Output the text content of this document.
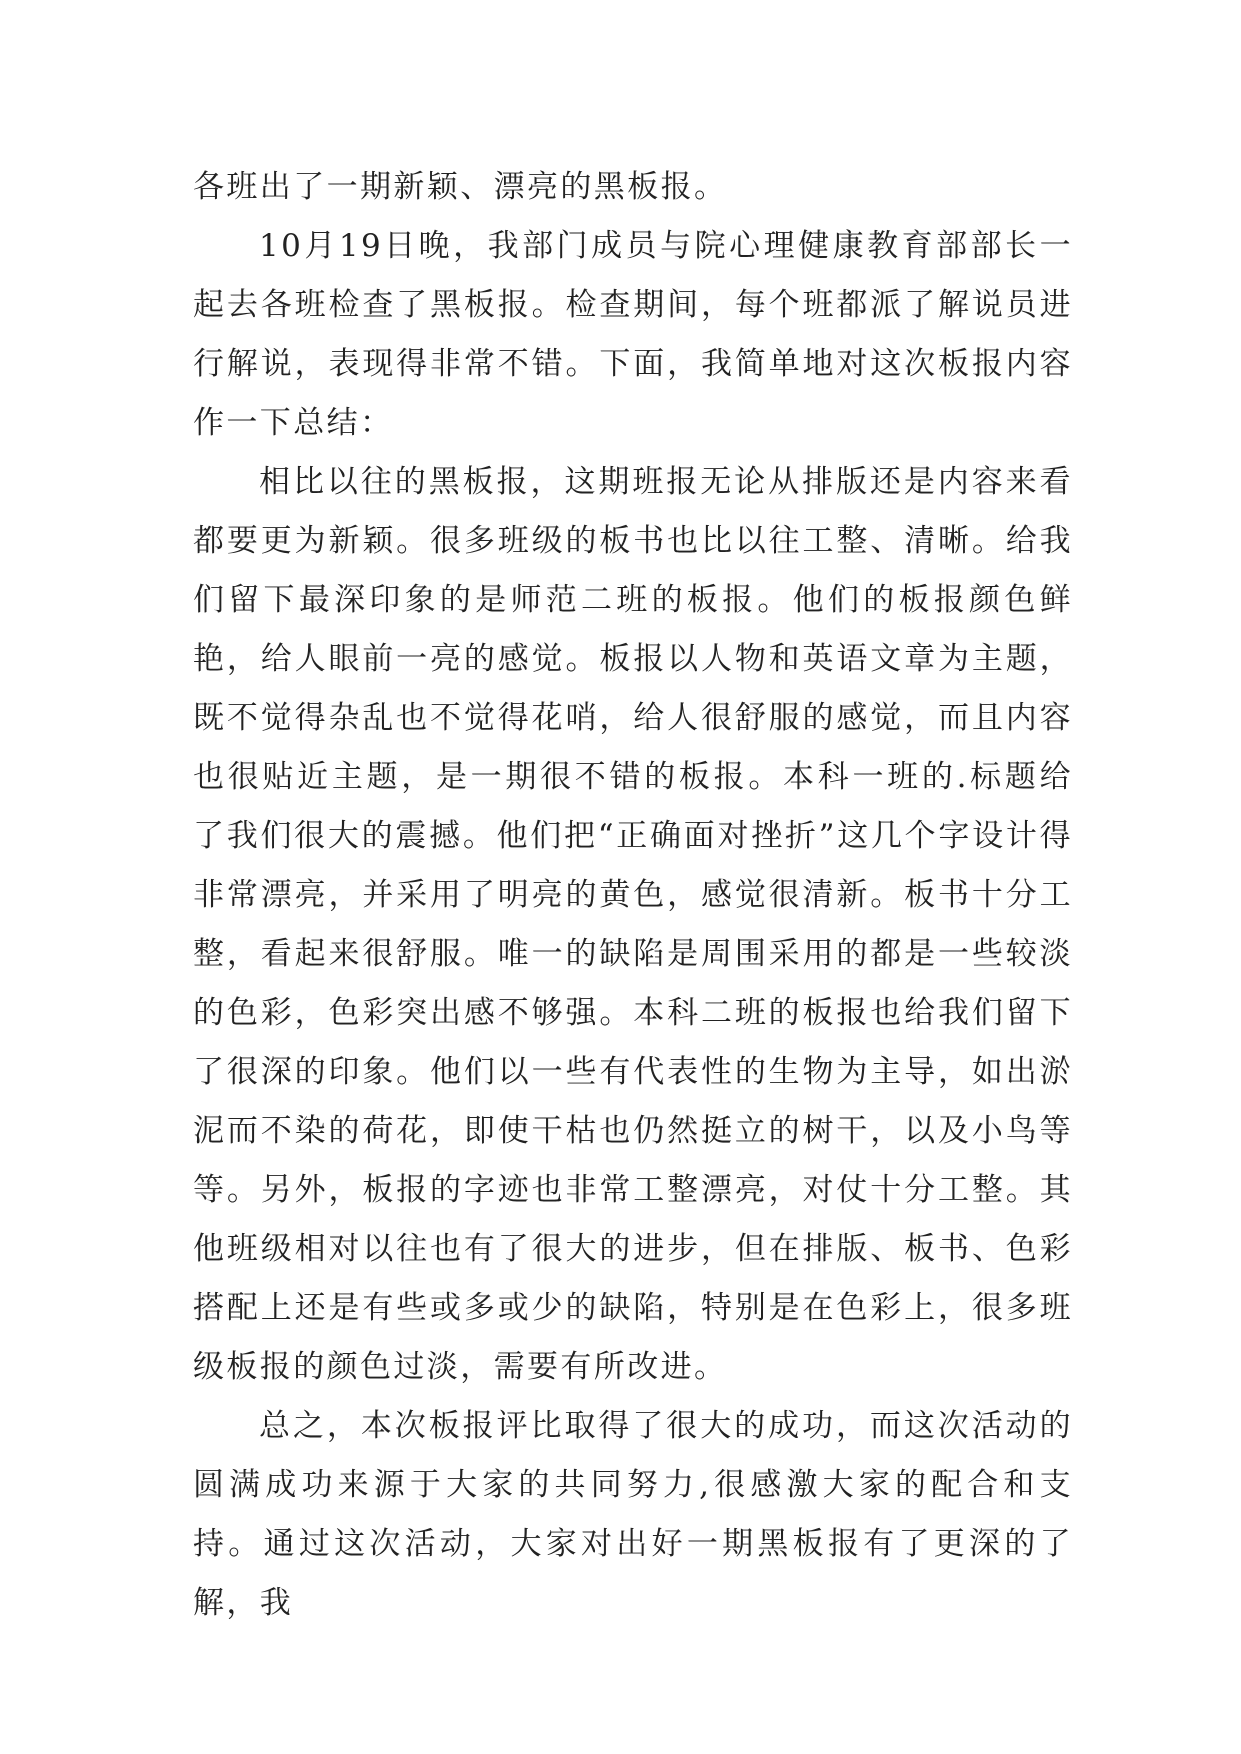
各班出了一期新颖、漂亮的黑板报。

10月19日晚，我部门成员与院心理健康教育部部长一起去各班检查了黑板报。检查期间，每个班都派了解说员进行解说，表现得非常不错。下面，我简单地对这次板报内容作一下总结：

相比以往的黑板报，这期班报无论从排版还是内容来看都要更为新颖。很多班级的板书也比以往工整、清晰。给我们留下最深印象的是师范二班的板报。他们的板报颜色鲜艳，给人眼前一亮的感觉。板报以人物和英语文章为主题，既不觉得杂乱也不觉得花哨，给人很舒服的感觉，而且内容也很贴近主题，是一期很不错的板报。本科一班的.标题给了我们很大的震撼。他们把“正确面对挫折”这几个字设计得非常漂亮，并采用了明亮的黄色，感觉很清新。板书十分工整，看起来很舒服。唯一的缺陷是周围采用的都是一些较淡的色彩，色彩突出感不够强。本科二班的板报也给我们留下了很深的印象。他们以一些有代表性的生物为主导，如出淤泥而不染的荷花，即使干枯也仍然挺立的树干，以及小鸟等等。另外，板报的字迹也非常工整漂亮，对仗十分工整。其他班级相对以往也有了很大的进步，但在排版、板书、色彩搭配上还是有些或多或少的缺陷，特别是在色彩上，很多班级板报的颜色过淡，需要有所改进。

总之，本次板报评比取得了很大的成功，而这次活动的圆满成功来源于大家的共同努力,很感激大家的配合和支持。通过这次活动，大家对出好一期黑板报有了更深的了解，我
